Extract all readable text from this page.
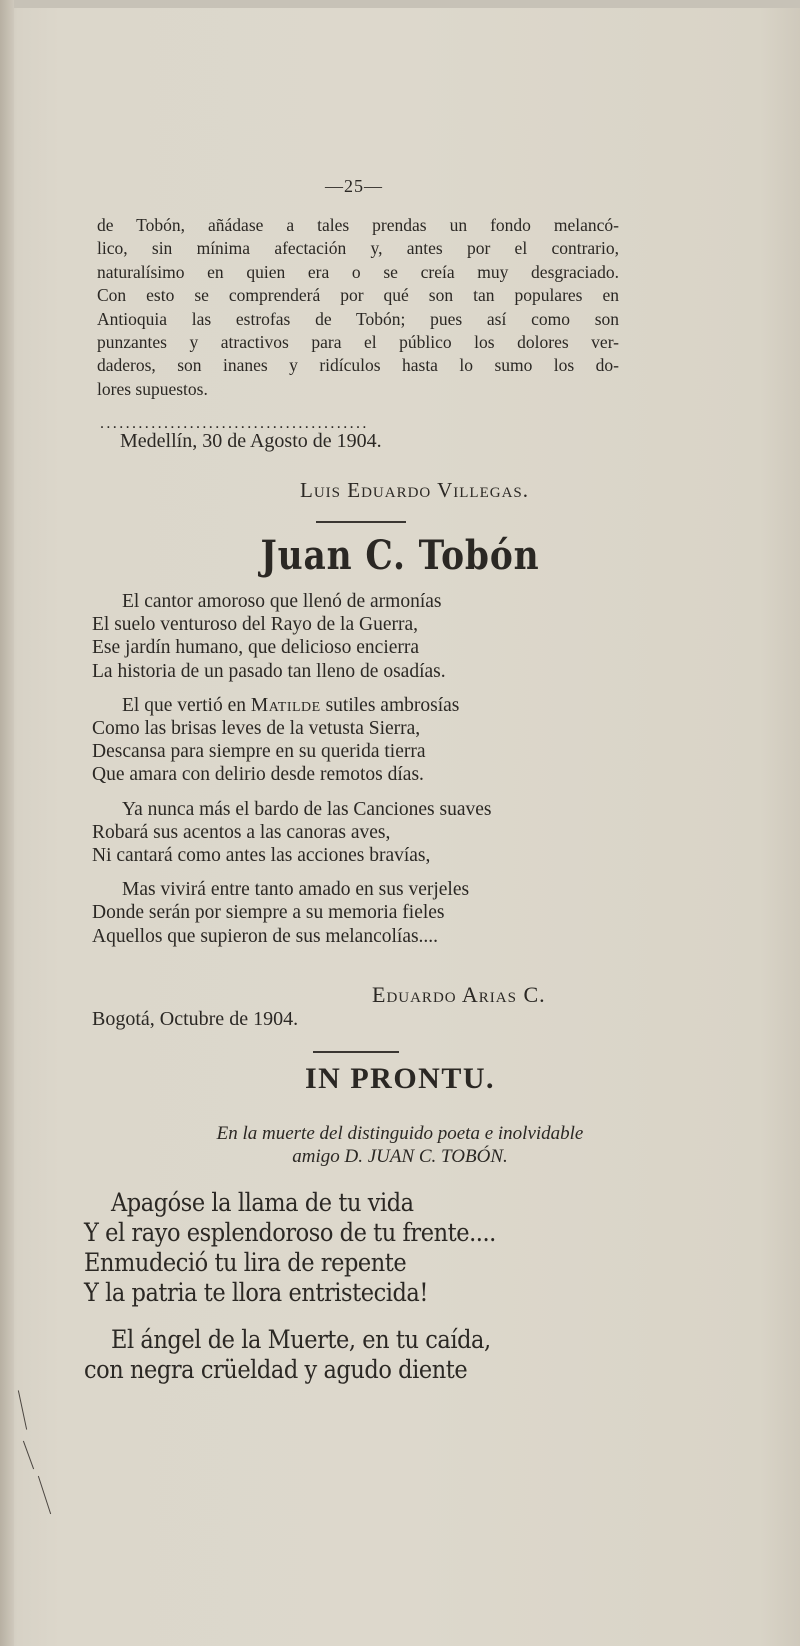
—25—
de Tobón, añádase a tales prendas un fondo melancó-
lico, sin mínima afectación y, antes por el contrario,
naturalísimo en quien era o se creía muy desgraciado.
Con esto se comprenderá por qué son tan populares en
Antioquia las estrofas de Tobón; pues así como son
punzantes y atractivos para el público los dolores ver-
daderos, son inanes y ridículos hasta lo sumo los do-
lores supuestos.
..........................................
Medellín, 30 de Agosto de 1904.
Luis Eduardo Villegas.
Juan C. Tobón
El cantor amoroso que llenó de armonías
El suelo venturoso del Rayo de la Guerra,
Ese jardín humano, que delicioso encierra
La historia de un pasado tan lleno de osadías.
El que vertió en Matilde sutiles ambrosías
Como las brisas leves de la vetusta Sierra,
Descansa para siempre en su querida tierra
Que amara con delirio desde remotos días.
Ya nunca más el bardo de las Canciones suaves
Robará sus acentos a las canoras aves,
Ni cantará como antes las acciones bravías,
Mas vivirá entre tanto amado en sus verjeles
Donde serán por siempre a su memoria fieles
Aquellos que supieron de sus melancolías....
Eduardo Arias C.
Bogotá, Octubre de 1904.
IN PRONTU.
En la muerte del distinguido poeta e inolvidable
amigo D. JUAN C. TOBÓN.
Apagóse la llama de tu vida
Y el rayo esplendoroso de tu frente....
Enmudeció tu lira de repente
Y la patria te llora entristecida!
El ángel de la Muerte, en tu caída,
con negra crüeldad y agudo diente
